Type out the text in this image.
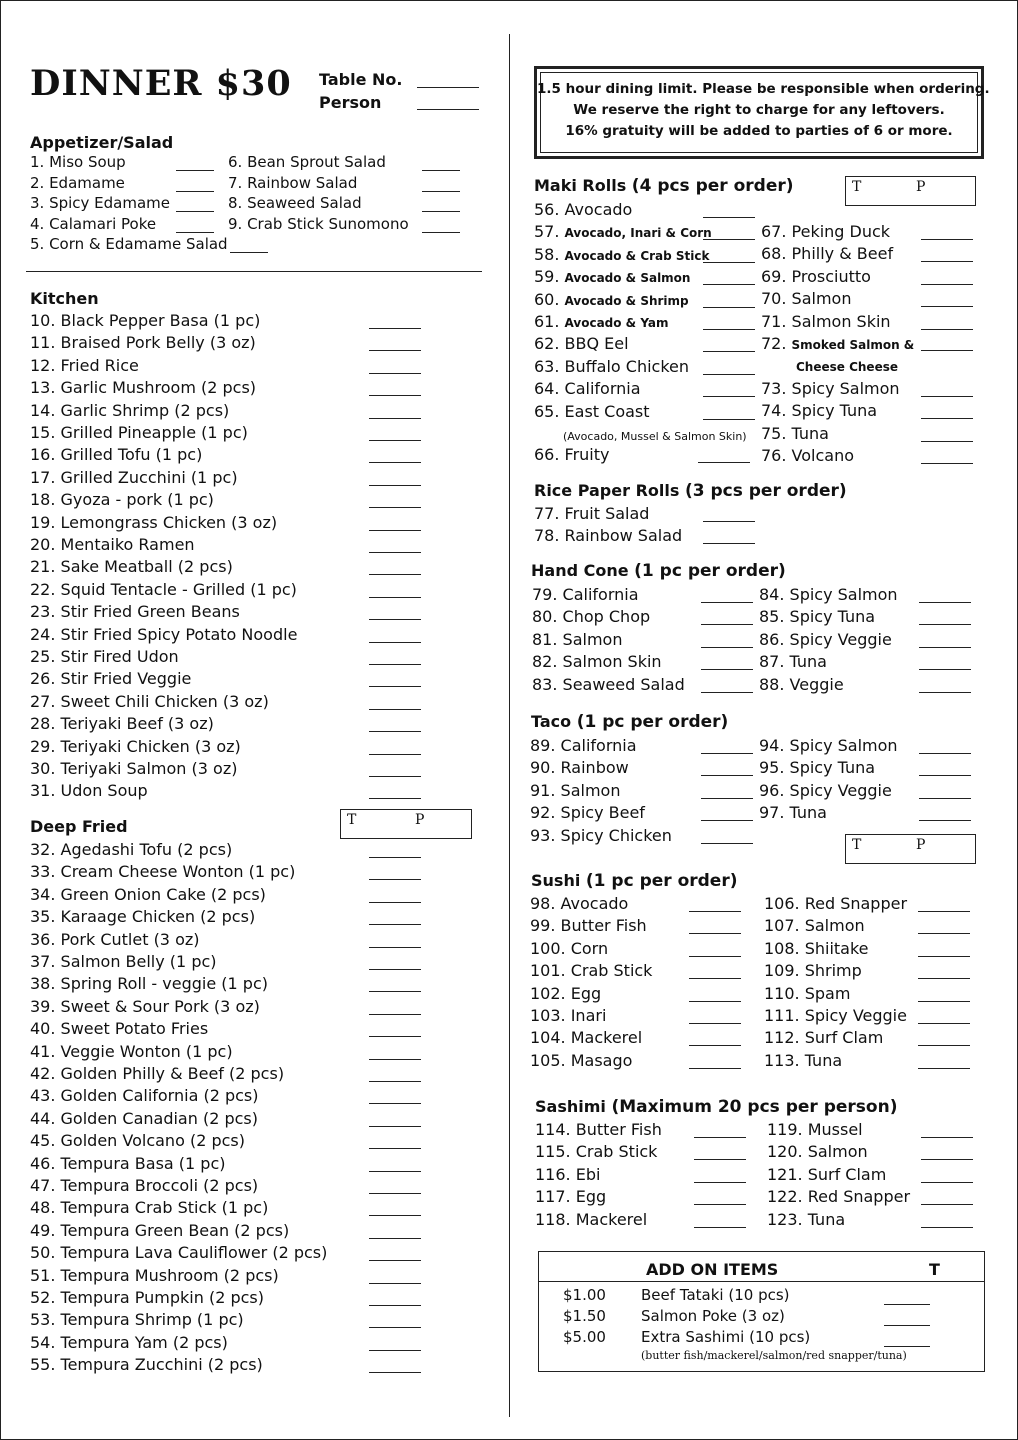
DINNER $30 Table No.
Person
Appetizer/Salad
1. Miso Soup
2. Edamame
3. Spicy Edamame
4. Calamari Poke
5. Corn & Edamame Salad
6. Bean Sprout Salad
7. Rainbow Salad
8. Seaweed Salad
9. Crab Stick Sunomono
Kitchen
10. Black Pepper Basa (1 pc)
11. Braised Pork Belly (3 oz)
12. Fried Rice
13. Garlic Mushroom (2 pcs)
14. Garlic Shrimp (2 pcs)
15. Grilled Pineapple (1 pc)
16. Grilled Tofu (1 pc)
17. Grilled Zucchini (1 pc)
18. Gyoza - pork (1 pc)
19. Lemongrass Chicken (3 oz)
20. Mentaiko Ramen
21. Sake Meatball (2 pcs)
22. Squid Tentacle - Grilled (1 pc)
23. Stir Fried Green Beans
24. Stir Fried Spicy Potato Noodle
25. Stir Fired Udon
26. Stir Fried Veggie
27. Sweet Chili Chicken (3 oz)
28. Teriyaki Beef (3 oz)
29. Teriyaki Chicken (3 oz)
30. Teriyaki Salmon (3 oz)
31. Udon Soup
Deep Fried	T	P
32. Agedashi Tofu (2 pcs)
33. Cream Cheese Wonton (1 pc)
34. Green Onion Cake (2 pcs)
35. Karaage Chicken (2 pcs)
36. Pork Cutlet (3 oz)
37. Salmon Belly (1 pc)
38. Spring Roll - veggie (1 pc)
39. Sweet & Sour Pork (3 oz)
40. Sweet Potato Fries
41. Veggie Wonton (1 pc)
42. Golden Philly & Beef (2 pcs)
43. Golden California (2 pcs)
44. Golden Canadian (2 pcs)
45. Golden Volcano (2 pcs)
46. Tempura Basa (1 pc)
47. Tempura Broccoli (2 pcs)
48. Tempura Crab Stick (1 pc)
49. Tempura Green Bean (2 pcs)
50. Tempura Lava Cauliflower (2 pcs)
51. Tempura Mushroom (2 pcs)
52. Tempura Pumpkin (2 pcs)
53. Tempura Shrimp (1 pc)
54. Tempura Yam (2 pcs)
55. Tempura Zucchini (2 pcs)
1.5 hour dining limit. Please be responsible when ordering.
We reserve the right to charge for any leftovers.
16% gratuity will be added to parties of 6 or more.
Maki Rolls (4 pcs per order)	T	P
56. Avocado
57. Avocado, Inari & Corn
58. Avocado & Crab Stick
59. Avocado & Salmon
60. Avocado & Shrimp
61. Avocado & Yam
62. BBQ Eel
63. Buffalo Chicken
64. California
65. East Coast
(Avocado, Mussel & Salmon Skin)
66. Fruity
67. Peking Duck
68. Philly & Beef
69. Prosciutto
70. Salmon
71. Salmon Skin
72. Smoked Salmon &
Cheese Cheese
73. Spicy Salmon
74. Spicy Tuna
75. Tuna
76. Volcano
Rice Paper Rolls (3 pcs per order)
77. Fruit Salad
78. Rainbow Salad
Hand Cone (1 pc per order)
79. California
80. Chop Chop
81. Salmon
82. Salmon Skin
83. Seaweed Salad
84. Spicy Salmon
85. Spicy Tuna
86. Spicy Veggie
87. Tuna
88. Veggie
Taco (1 pc per order)
89. California
90. Rainbow
91. Salmon
92. Spicy Beef
93. Spicy Chicken
94. Spicy Salmon
95. Spicy Tuna
96. Spicy Veggie
97. Tuna
T	P
Sushi (1 pc per order)
98. Avocado
99. Butter Fish
100. Corn
101. Crab Stick
102. Egg
103. Inari
104. Mackerel
105. Masago
106. Red Snapper
107. Salmon
108. Shiitake
109. Shrimp
110. Spam
111. Spicy Veggie
112. Surf Clam
113. Tuna
Sashimi (Maximum 20 pcs per person)
114. Butter Fish
115. Crab Stick
116. Ebi
117. Egg
118. Mackerel
119. Mussel
120. Salmon
121. Surf Clam
122. Red Snapper
123. Tuna
ADD ON ITEMS	T
$1.00 Beef Tataki (10 pcs)
$1.50 Salmon Poke (3 oz)
$5.00 Extra Sashimi (10 pcs)
(butter fish/mackerel/salmon/red snapper/tuna)
